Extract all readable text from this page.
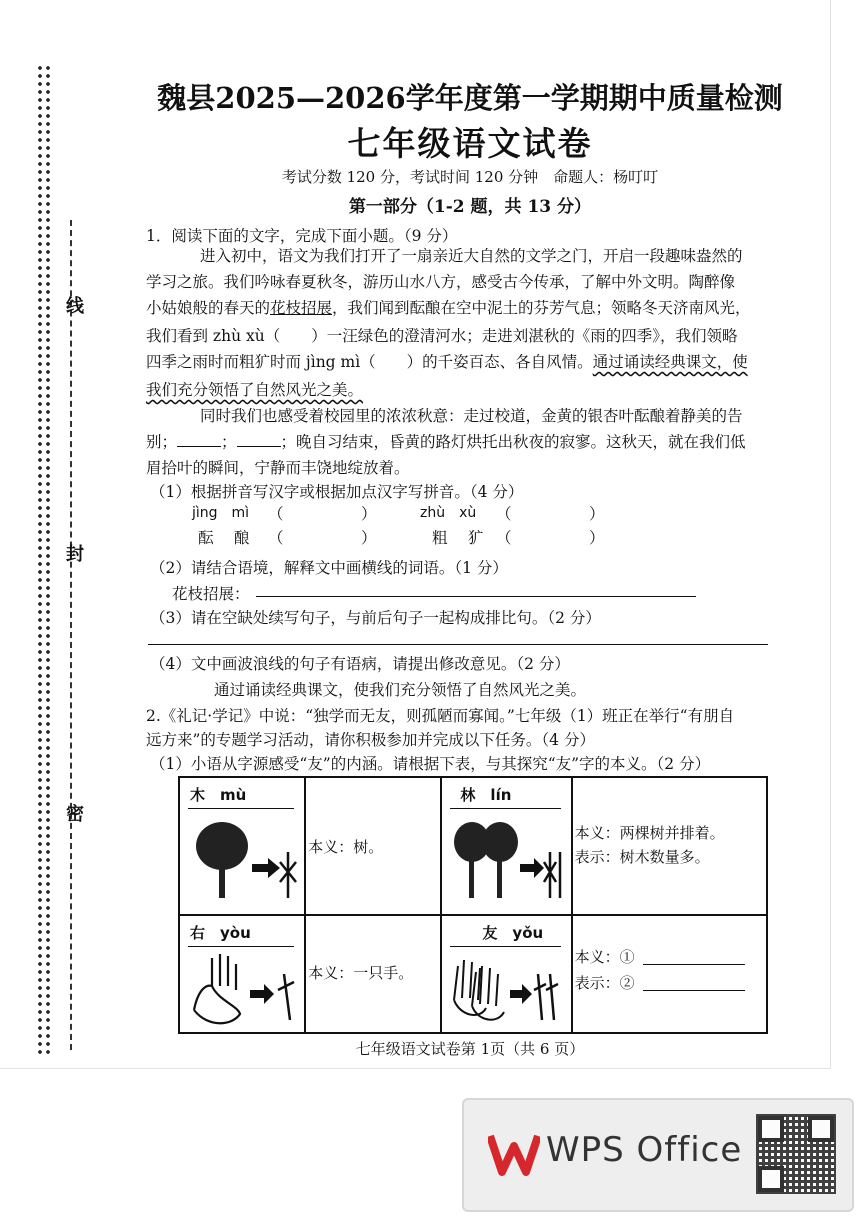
线
封
密
魏县2025—2026学年度第一学期期中质量检测
七年级语文试卷
考试分数 120 分，考试时间 120 分钟　命题人：杨叮叮
第一部分（1-2 题，共 13 分）
1．阅读下面的文字，完成下面小题。（9 分）
进入初中，语文为我们打开了一扇亲近大自然的文学之门，开启一段趣味盎然的
学习之旅。我们吟咏春夏秋冬，游历山水八方，感受古今传承，了解中外文明。陶醉像
小姑娘般的春天的花枝招展，我们闻到酝酿在空中泥土的芬芳气息；领略冬天济南风光，
我们看到 zhù xù（　　）一汪绿色的澄清河水；走进刘湛秋的《雨的四季》，我们领略
四季之雨时而粗犷时而 jìng mì（　　）的千姿百态、各自风情。通过诵读经典课文，使
我们充分领悟了自然风光之美。
同时我们也感受着校园里的浓浓秋意：走过校道，金黄的银杏叶酝酿着静美的告
别；	；	；晚自习结束，昏黄的路灯烘托出秋夜的寂寥。这秋天，就在我们低
眉拾叶的瞬间，宁静而丰饶地绽放着。
（1）根据拼音写汉字或根据加点汉字写拼音。（4 分）
jìng　mì （　　　　　）	zhù　xù （　　　　　）
酝　 酿 （　　　　　）	粗　 犷 （　　　　　）
（2）请结合语境，解释文中画横线的词语。（1 分）
花枝招展：
（3）请在空缺处续写句子，与前后句子一起构成排比句。（2 分）
（4）文中画波浪线的句子有语病，请提出修改意见。（2 分）
通过诵读经典课文，使我们充分领悟了自然风光之美。
2.《礼记·学记》中说：“独学而无友，则孤陋而寡闻。”七年级（1）班正在举行“有朋自
远方来”的专题学习活动，请你积极参加并完成以下任务。（4 分）
（1）小语从字源感受“友”的内涵。请根据下表，与其探究“友”字的本义。（2 分）
木　mù	本义：树。	林　lín	本义：两棵树并排着。
表示：树木数量多。

右　yòu	本义：一只手。	友　yǒu	本义：①
表示：②
七年级语文试卷第 1页（共 6 页）
WPS Office
